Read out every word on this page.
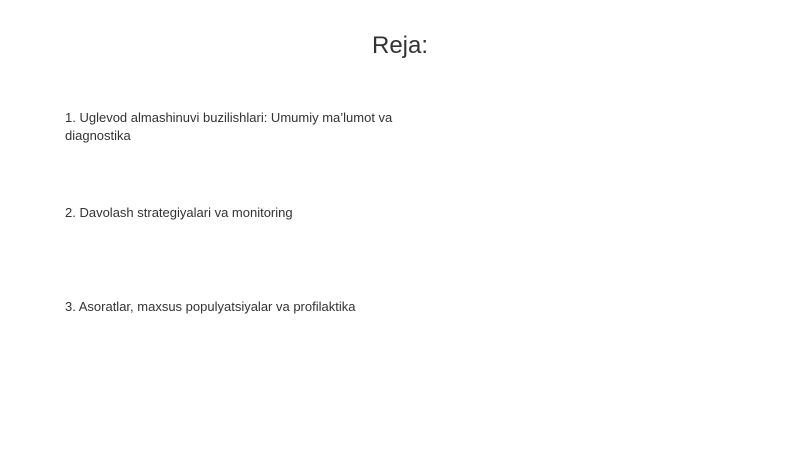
Reja:
1. Uglevod almashinuvi buzilishlari: Umumiy ma’lumot va diagnostika
2. Davolash strategiyalari va monitoring
3. Asoratlar, maxsus populyatsiyalar va profilaktika
